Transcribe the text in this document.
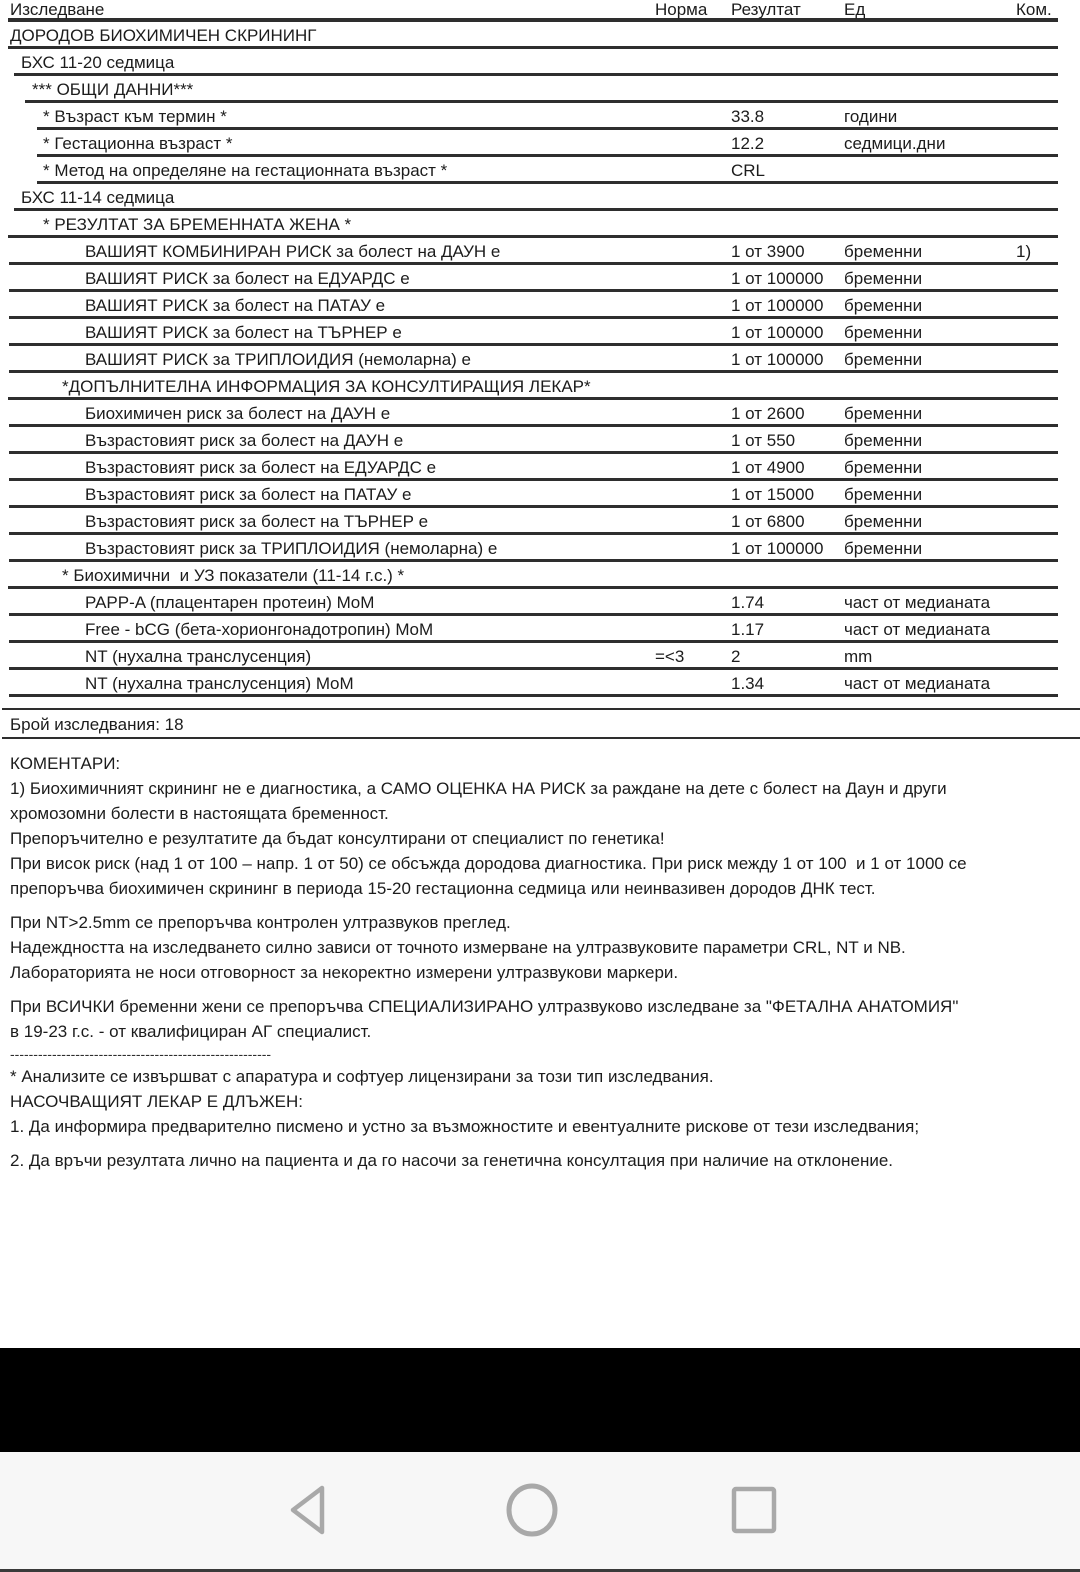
Изследване	Норма Резултат	Ед	Ком.
ДОРОДОВ БИОХИМИЧЕН СКРИНИНГ
БХС 11-20 седмица
*** ОБЩИ ДАННИ***
* Възраст към термин *	33.8	години
* Гестационна възраст *	12.2	седмици.дни
* Метод на определяне на гестационната възраст *	CRL
БХС 11-14 седмица
* РЕЗУЛТАТ ЗА БРЕМЕННАТА ЖЕНА *
ВАШИЯТ КОМБИНИРАН РИСК за болест на ДАУН е	1 от 3900 бременни	1)
ВАШИЯТ РИСК за болест на ЕДУАРДС е	1 от 100000 бременни
ВАШИЯТ РИСК за болест на ПАТАУ е	1 от 100000 бременни
ВАШИЯТ РИСК за болест на ТЪРНЕР е	1 от 100000 бременни
ВАШИЯТ РИСК за ТРИПЛОИДИЯ (немоларна) е	1 от 100000 бременни
*ДОПЪЛНИТЕЛНА ИНФОРМАЦИЯ ЗА КОНСУЛТИРАЩИЯ ЛЕКАР*
Биохимичен риск за болест на ДАУН е	1 от 2600 бременни
Възрастовият риск за болест на ДАУН е	1 от 550	бременни
Възрастовият риск за болест на ЕДУАРДС е	1 от 4900 бременни
Възрастовият риск за болест на ПАТАУ е	1 от 15000 бременни
Възрастовият риск за болест на ТЪРНЕР е	1 от 6800 бременни
Възрастовият риск за ТРИПЛОИДИЯ (немоларна) е	1 от 100000 бременни
* Биохимични  и УЗ показатели (11-14 г.с.) *
PAPP-A (плацентарен протеин) MoM	1.74	част от медианата
Free - bCG (бета-хорионгонадотропин) MoM	1.17	част от медианата
NT (нухална транслусенция)	=<3	2	mm
NT (нухална транслусенция) MoM	1.34	част от медианата
Брой изследвания: 18
КОМЕНТАРИ:
1) Биохимичният скрининг не е диагностика, а САМО ОЦЕНКА НА РИСК за раждане на дете с болест на Даун и други
хромозомни болести в настоящата бременност.
Препоръчително е резултатите да бъдат консултирани от специалист по генетика!
При висок риск (над 1 от 100 – напр. 1 от 50) се обсъжда дородова диагностика. При риск между 1 от 100  и 1 от 1000 се
препоръчва биохимичен скрининг в периода 15-20 гестационна седмица или неинвазивен дородов ДНК тест.
При NT>2.5mm се препоръчва контролен ултразвуков преглед.
Надеждността на изследването силно зависи от точното измерване на ултразвуковите параметри CRL, NT и NB.
Лабораторията не носи отговорност за некоректно измерени ултразвукови маркери.
При ВСИЧКИ бременни жени се препоръчва СПЕЦИАЛИЗИРАНО ултразвуково изследване за "ФЕТАЛНА АНАТОМИЯ"
в 19-23 г.с. - от квалифициран АГ специалист.
--------------------------------------------------------
* Анализите се извършват с апаратура и софтуер лицензирани за този тип изследвания.
НАСОЧВАЩИЯТ ЛЕКАР Е ДЛЪЖЕН:
1. Да информира предварително писмено и устно за възможностите и евентуалните рискове от тези изследвания;
2. Да връчи резултата лично на пациента и да го насочи за генетична консултация при наличие на отклонение.
